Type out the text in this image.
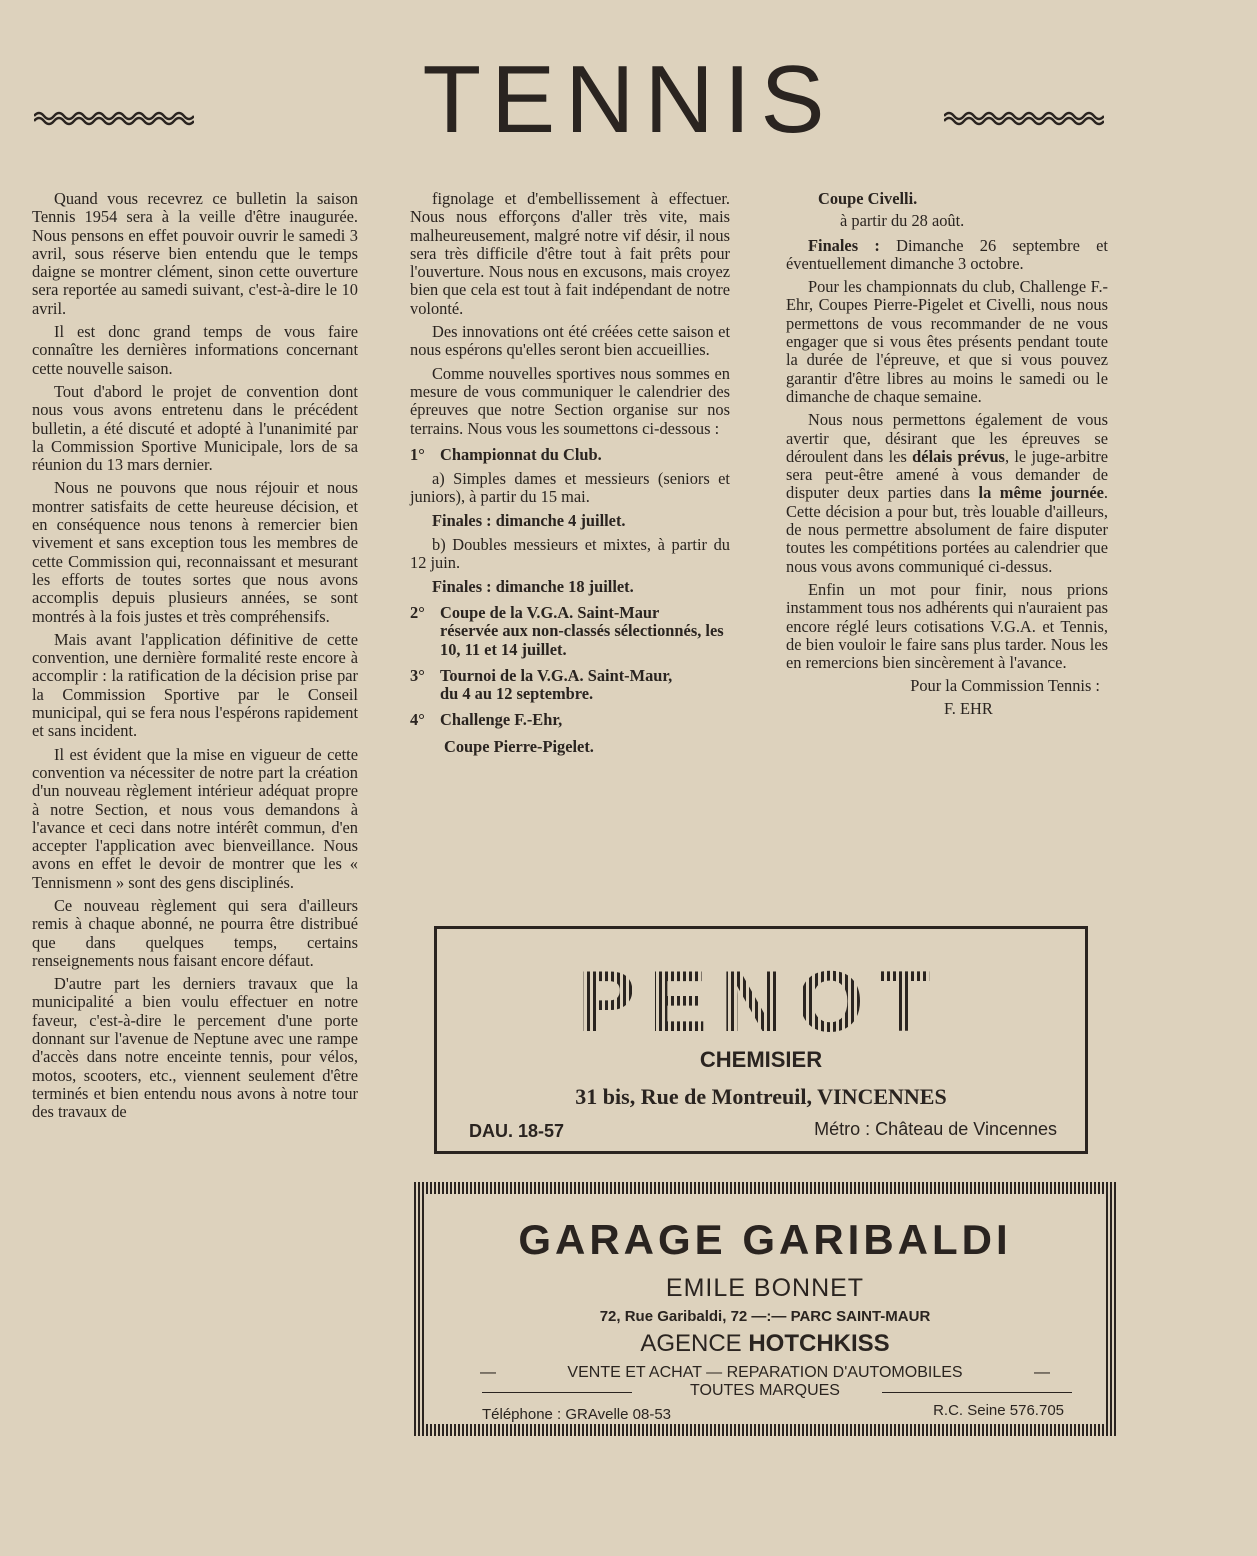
TENNIS

Quand vous recevrez ce bulletin la saison Tennis 1954 sera à la veille d'être inaugurée. Nous pensons en effet pouvoir ouvrir le samedi 3 avril, sous réserve bien entendu que le temps daigne se montrer clément, sinon cette ouverture sera reportée au samedi suivant, c'est-à-dire le 10 avril.

Il est donc grand temps de vous faire connaître les dernières informations concernant cette nouvelle saison.

Tout d'abord le projet de convention dont nous vous avons entretenu dans le précédent bulletin, a été discuté et adopté à l'unanimité par la Commission Sportive Municipale, lors de sa réunion du 13 mars dernier.

Nous ne pouvons que nous réjouir et nous montrer satisfaits de cette heureuse décision, et en conséquence nous tenons à remercier bien vivement et sans exception tous les membres de cette Commission qui, reconnaissant et mesurant les efforts de toutes sortes que nous avons accomplis depuis plusieurs années, se sont montrés à la fois justes et très compréhensifs.

Mais avant l'application définitive de cette convention, une dernière formalité reste encore à accomplir : la ratification de la décision prise par la Commission Sportive par le Conseil municipal, qui se fera nous l'espérons rapidement et sans incident.

Il est évident que la mise en vigueur de cette convention va nécessiter de notre part la création d'un nouveau règlement intérieur adéquat propre à notre Section, et nous vous demandons à l'avance et ceci dans notre intérêt commun, d'en accepter l'application avec bienveillance. Nous avons en effet le devoir de montrer que les « Tennismenn » sont des gens disciplinés.

Ce nouveau règlement qui sera d'ailleurs remis à chaque abonné, ne pourra être distribué que dans quelques temps, certains renseignements nous faisant encore défaut.

D'autre part les derniers travaux que la municipalité a bien voulu effectuer en notre faveur, c'est-à-dire le percement d'une porte donnant sur l'avenue de Neptune avec une rampe d'accès dans notre enceinte tennis, pour vélos, motos, scooters, etc., viennent seulement d'être terminés et bien entendu nous avons à notre tour des travaux de

fignolage et d'embellissement à effectuer. Nous nous efforçons d'aller très vite, mais malheureusement, malgré notre vif désir, il nous sera très difficile d'être tout à fait prêts pour l'ouverture. Nous nous en excusons, mais croyez bien que cela est tout à fait indépendant de notre volonté.

Des innovations ont été créées cette saison et nous espérons qu'elles seront bien accueillies.

Comme nouvelles sportives nous sommes en mesure de vous communiquer le calendrier des épreuves que notre Section organise sur nos terrains. Nous vous les soumettons ci-dessous :

1° Championnat du Club.

a) Simples dames et messieurs (seniors et juniors), à partir du 15 mai.

Finales : dimanche 4 juillet.

b) Doubles messieurs et mixtes, à partir du 12 juin.

Finales : dimanche 18 juillet.
2° Coupe de la V.G.A. Saint-Maur
réservée aux non-classés sélectionnés, les 10, 11 et 14 juillet.
3° Tournoi de la V.G.A. Saint-Maur,
du 4 au 12 septembre.
4° Challenge F.-Ehr,
Coupe Pierre-Pigelet.
Coupe Civelli.
à partir du 28 août.

Finales : Dimanche 26 septembre et éventuellement dimanche 3 octobre.

Pour les championnats du club, Challenge F.-Ehr, Coupes Pierre-Pigelet et Civelli, nous nous permettons de vous recommander de ne vous engager que si vous êtes présents pendant toute la durée de l'épreuve, et que si vous pouvez garantir d'être libres au moins le samedi ou le dimanche de chaque semaine.

Nous nous permettons également de vous avertir que, désirant que les épreuves se déroulent dans les délais prévus, le juge-arbitre sera peut-être amené à vous demander de disputer deux parties dans la même journée. Cette décision a pour but, très louable d'ailleurs, de nous permettre absolument de faire disputer toutes les compétitions portées au calendrier que nous vous avons communiqué ci-dessus.

Enfin un mot pour finir, nous prions instamment tous nos adhérents qui n'auraient pas encore réglé leurs cotisations V.G.A. et Tennis, de bien vouloir le faire sans plus tarder. Nous les en remercions bien sincèrement à l'avance.

Pour la Commission Tennis :
F. EHR
PENOT
CHEMISIER
31 bis, Rue de Montreuil, VINCENNES
DAU. 18-57	Métro : Château de Vincennes
GARAGE GARIBALDI
EMILE BONNET
72, Rue Garibaldi, 72 —:— PARC SAINT-MAUR
AGENCE HOTCHKISS
—	VENTE ET ACHAT — REPARATION D'AUTOMOBILES	—
TOUTES MARQUES
Téléphone : GRAvelle 08-53	R.C. Seine 576.705
